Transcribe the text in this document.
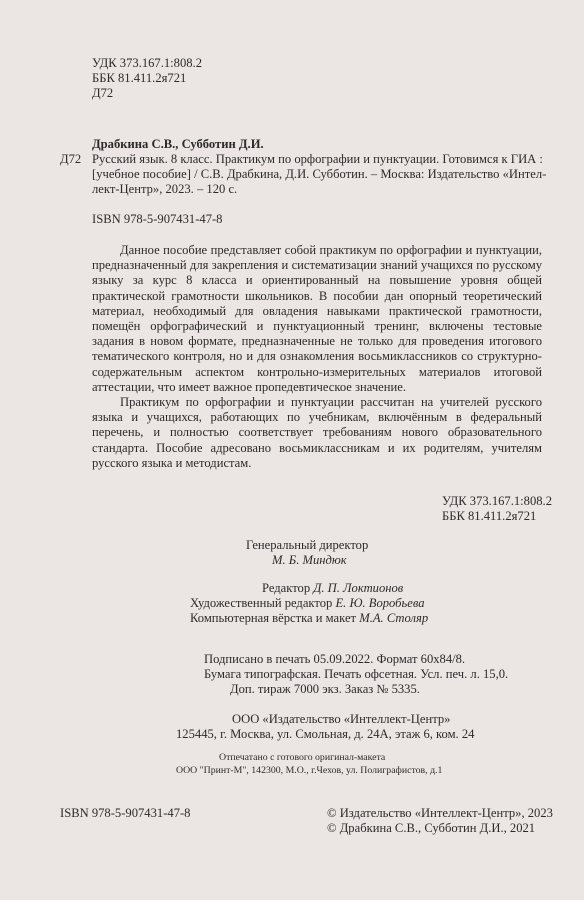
УДК 373.167.1:808.2
ББК 81.411.2я721
Д72
Драбкина С.В., Субботин Д.И.
Д72 Русский язык. 8 класс. Практикум по орфографии и пунктуации. Готовимся к ГИА :
[учебное пособие] / С.В. Драбкина, Д.И. Субботин. – Москва: Издательство «Интел-
лект-Центр», 2023. – 120 с.
ISBN 978-5-907431-47-8

Данное пособие представляет собой практикум по орфографии и пунктуации, предназначенный для закрепления и систематизации знаний учащихся по русскому языку за курс 8 класса и ориентированный на повышение уровня общей практической грамотности школьников. В пособии дан опорный теоретический материал, необходимый для овладения навыками практической грамотности, помещён орфографический и пунктуационный тренинг, включены тестовые задания в новом формате, предназначенные не только для проведения итогового тематического контроля, но и для ознакомления восьмиклассников со структурно-содержательным аспектом контрольно-измерительных материалов итоговой аттестации, что имеет важное пропедевтическое значение.

Практикум по орфографии и пунктуации рассчитан на учителей русского языка и учащихся, работающих по учебникам, включённым в федеральный перечень, и полностью соответствует требованиям нового образовательного стандарта. Пособие адресовано восьмиклассникам и их родителям, учителям русского языка и методистам.

УДК 373.167.1:808.2
ББК 81.411.2я721
Генеральный директор
М. Б. Миндюк
Редактор Д. П. Локтионов
Художественный редактор Е. Ю. Воробьева
Компьютерная вёрстка и макет М.А. Столяр
Подписано в печать 05.09.2022. Формат 60x84/8.
Бумага типографская. Печать офсетная. Усл. печ. л. 15,0.
Доп. тираж 7000 экз. Заказ № 5335.
ООО «Издательство «Интеллект-Центр»
125445, г. Москва, ул. Смольная, д. 24А, этаж 6, ком. 24
Отпечатано с готового оригинал-макета
ООО "Принт-М", 142300, М.О., г.Чехов, ул. Полиграфистов, д.1
ISBN 978-5-907431-47-8	© Издательство «Интеллект-Центр», 2023
© Драбкина С.В., Субботин Д.И., 2021
